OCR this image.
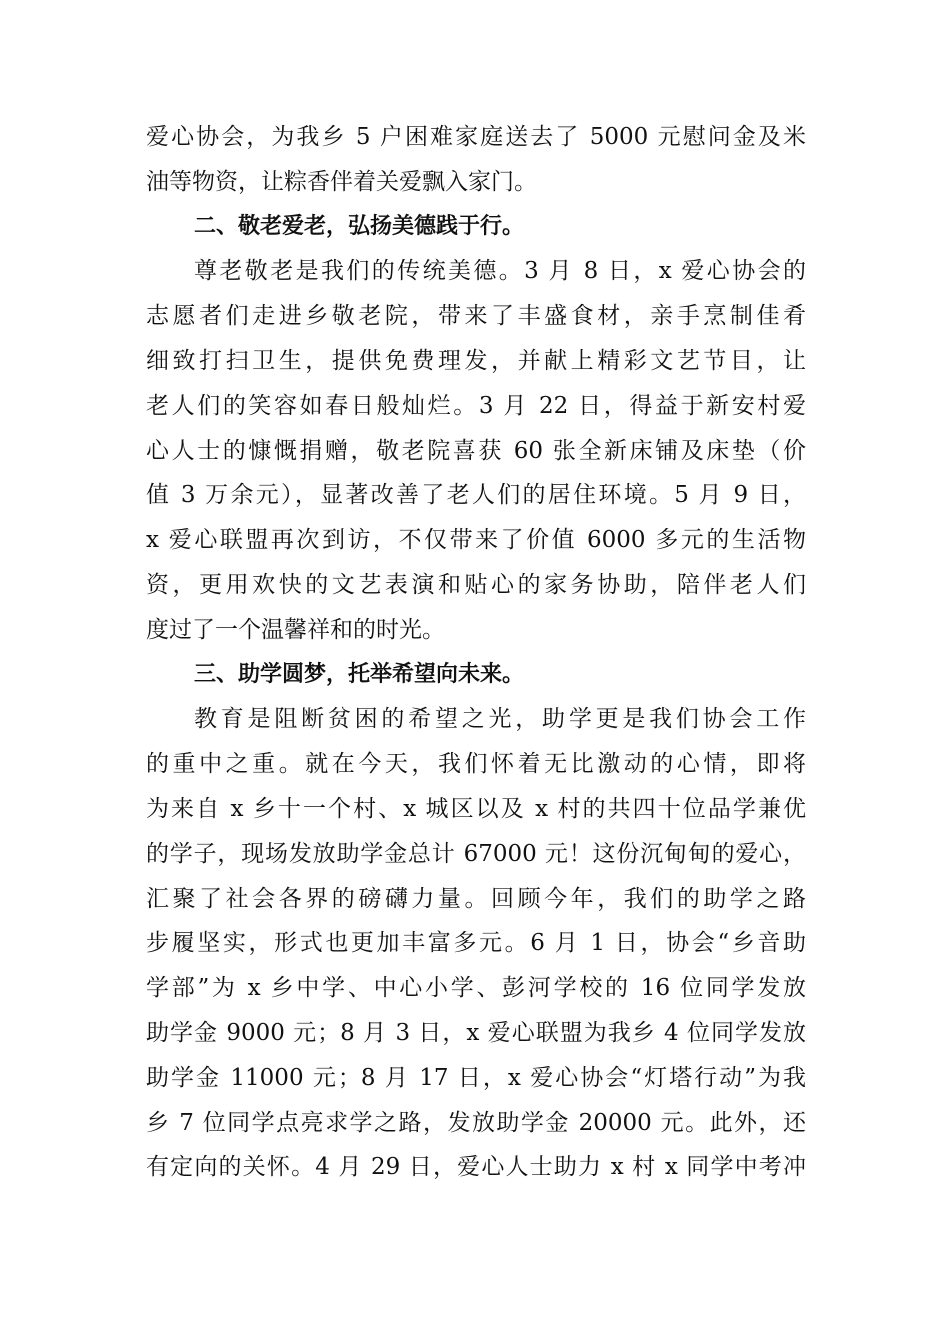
爱心协会，为我乡 5 户困难家庭送去了 5000 元慰问金及米
油等物资，让粽香伴着关爱飘入家门。
二、敬老爱老，弘扬美德践于行。
尊老敬老是我们的传统美德。3 月 8 日，x 爱心协会的
志愿者们走进乡敬老院，带来了丰盛食材，亲手烹制佳肴
细致打扫卫生，提供免费理发，并献上精彩文艺节目，让
老人们的笑容如春日般灿烂。3 月 22 日，得益于新安村爱
心人士的慷慨捐赠，敬老院喜获 60 张全新床铺及床垫（价
值 3 万余元），显著改善了老人们的居住环境。5 月 9 日，
x 爱心联盟再次到访，不仅带来了价值 6000 多元的生活物
资，更用欢快的文艺表演和贴心的家务协助，陪伴老人们
度过了一个温馨祥和的时光。
三、助学圆梦，托举希望向未来。
教育是阻断贫困的希望之光，助学更是我们协会工作
的重中之重。就在今天，我们怀着无比激动的心情，即将
为来自 x 乡十一个村、x 城区以及 x 村的共四十位品学兼优
的学子，现场发放助学金总计 67000 元！这份沉甸甸的爱心，
汇聚了社会各界的磅礴力量。回顾今年，我们的助学之路
步履坚实，形式也更加丰富多元。6 月 1 日，协会“乡音助
学部”为 x 乡中学、中心小学、彭河学校的 16 位同学发放
助学金 9000 元；8 月 3 日，x 爱心联盟为我乡 4 位同学发放
助学金 11000 元；8 月 17 日，x 爱心协会“灯塔行动”为我
乡 7 位同学点亮求学之路，发放助学金 20000 元。此外，还
有定向的关怀。4 月 29 日，爱心人士助力 x 村 x 同学中考冲
